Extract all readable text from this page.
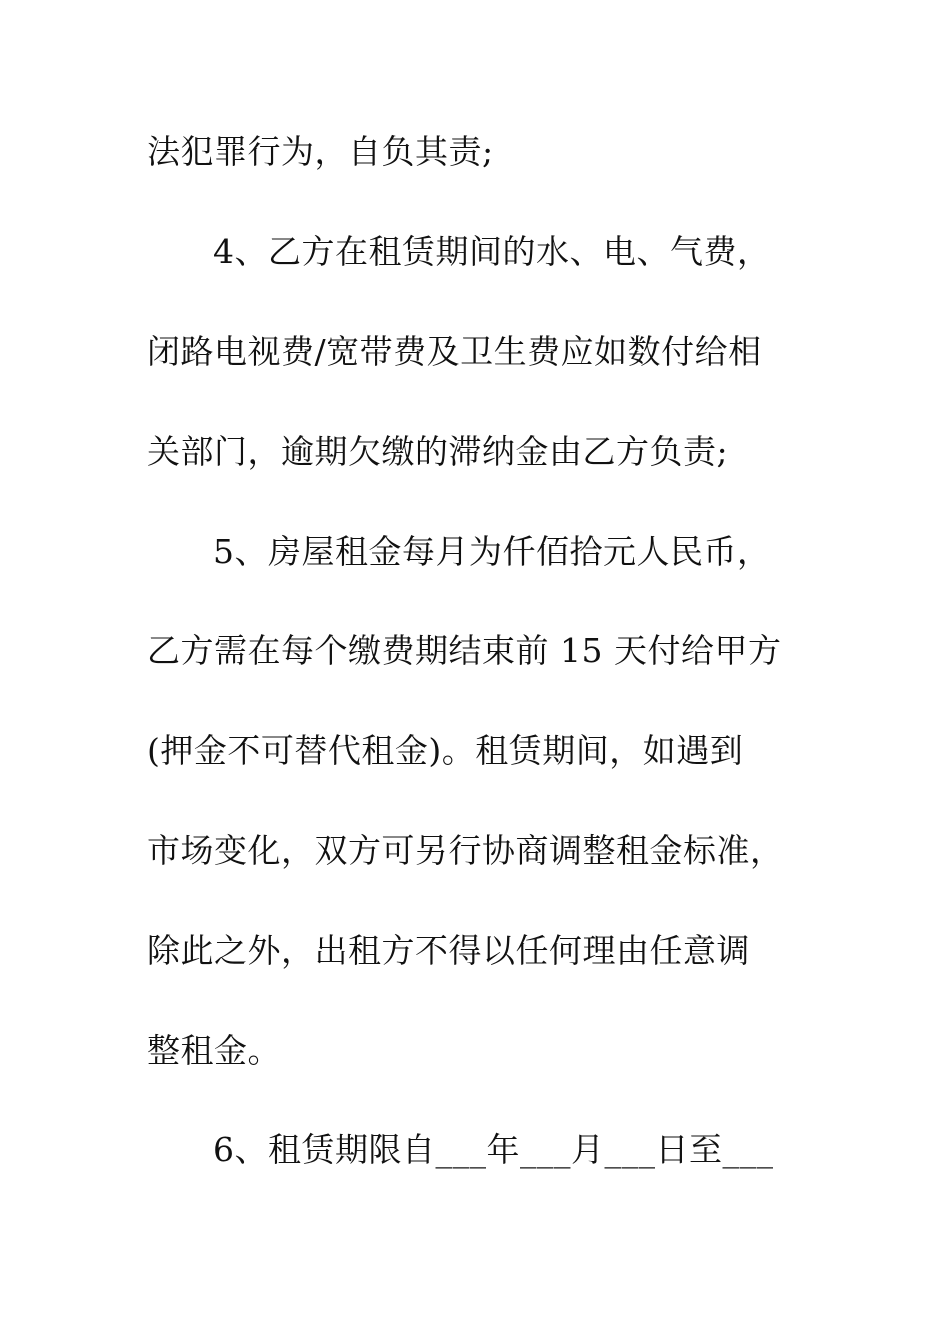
法犯罪行为，自负其责;
4、乙方在租赁期间的水、电、气费，
闭路电视费/宽带费及卫生费应如数付给相
关部门，逾期欠缴的滞纳金由乙方负责;
5、房屋租金每月为仟佰拾元人民币，
乙方需在每个缴费期结束前 15 天付给甲方
(押金不可替代租金)。租赁期间，如遇到
市场变化，双方可另行协商调整租金标准，
除此之外，出租方不得以任何理由任意调
整租金。
6、租赁期限自___年___月___日至___
